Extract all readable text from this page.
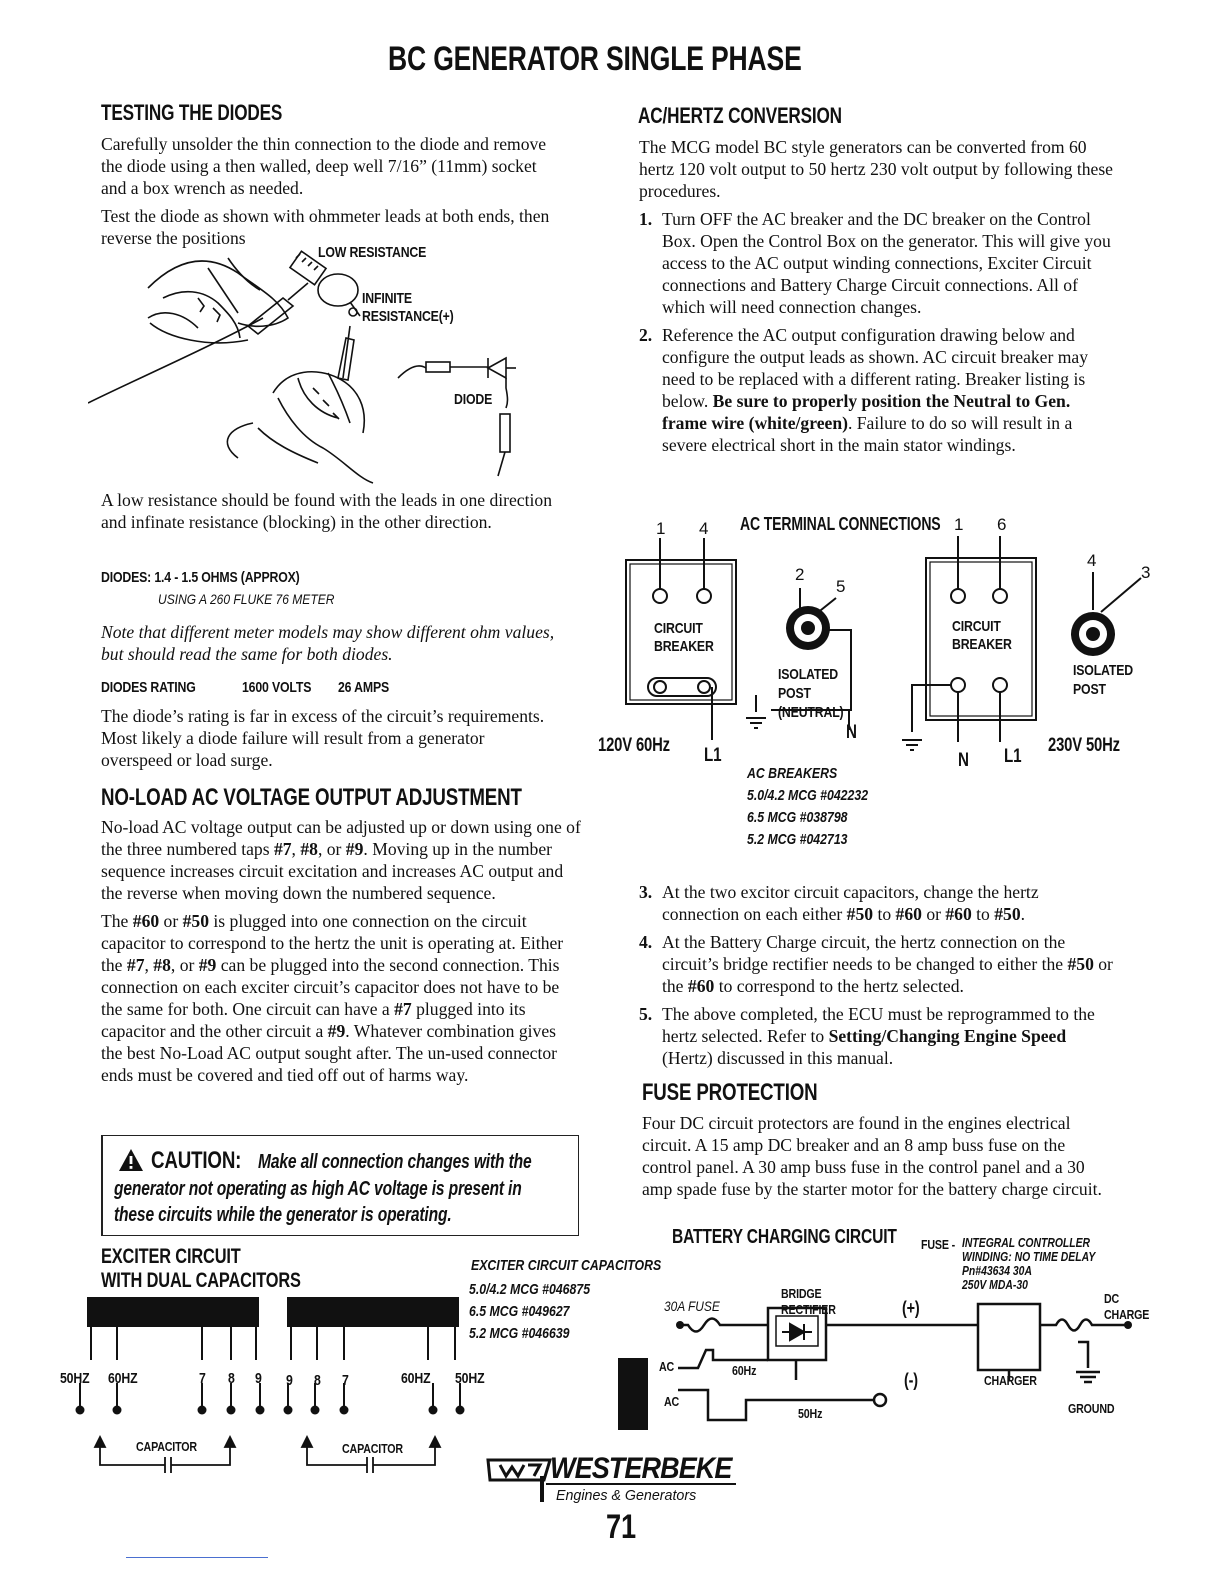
BC GENERATOR SINGLE PHASE
TESTING THE DIODES

Carefully unsolder the thin connection to the diode and remove the diode using a then walled, deep well 7/16” (11mm) socket and a box wrench as needed.

Test the diode as shown with ohmmeter leads at both ends, then reverse the positions

LOW RESISTANCE
INFINITE
RESISTANCE(+)
DIODE

A low resistance should be found with the leads in one direction and infinate resistance (blocking) in the other direction.

DIODES: 1.4 - 1.5 OHMS (APPROX)
USING A 260 FLUKE 76 METER

Note that different meter models may show different ohm values, but should read the same for both diodes.

DIODES RATING	1600 VOLTS	26 AMPS

The diode’s rating is far in excess of the circuit’s requirements. Most likely a diode failure will result from a generator overspeed or load surge.

NO-LOAD AC VOLTAGE OUTPUT ADJUSTMENT

No-load AC voltage output can be adjusted up or down using one of the three numbered taps #7, #8, or #9. Moving up in the number sequence increases circuit excitation and increases AC output and the reverse when moving down the numbered sequence.

The #60 or #50 is plugged into one connection on the circuit capacitor to correspond to the hertz the unit is operating at. Either the #7, #8, or #9 can be plugged into the second connection. This connection on each exciter circuit’s capacitor does not have to be the same for both. One circuit can have a #7 plugged into its capacitor and the other circuit a #9. Whatever combination gives the best No-Load AC output sought after. The un-used connector ends must be covered and tied off out of harms way.

CAUTION: Make all connection changes with the
generator not operating as high AC voltage is present in
these circuits while the generator is operating.
EXCITER CIRCUIT
WITH DUAL CAPACITORS
EXCITER CIRCUIT CAPACITORS
5.0/4.2 MCG #046875
6.5 MCG #049627
5.2 MCG #046639
50HZ	60HZ	7 8 9 9 8 7	60HZ	50HZ
CAPACITOR	CAPACITOR
AC/HERTZ CONVERSION

The MCG model BC style generators can be converted from 60 hertz 120 volt output to 50 hertz 230 volt output by following these procedures.

1. Turn OFF the AC breaker and the DC breaker on the Control Box. Open the Control Box on the generator. This will give you access to the AC output winding connections, Exciter Circuit connections and Battery Charge Circuit connections. All of which will need connection changes.
2. Reference the AC output configuration drawing below and configure the output leads as shown. AC circuit breaker may need to be replaced with a different rating. Breaker listing is below. Be sure to properly position the Neutral to Gen. frame wire (white/green). Failure to do so will result in a severe electrical short in the main stator windings.
AC TERMINAL CONNECTIONS
1 4	1 6
2
5
4
3
CIRCUIT
BREAKER
CIRCUIT
BREAKER
ISOLATED
POST
(NEUTRAL)
ISOLATED
POST
120V 60Hz	230V 50Hz
L1
N
N L1
AC BREAKERS
5.0/4.2 MCG #042232
6.5 MCG #038798
5.2 MCG #042713
3. At the two excitor circuit capacitors, change the hertz connection on each either #50 to #60 or #60 to #50.
4. At the Battery Charge circuit, the hertz connection on the circuit’s bridge rectifier needs to be changed to either the #50 or the #60 to correspond to the hertz selected.
5. The above completed, the ECU must be reprogrammed to the hertz selected. Refer to Setting/Changing Engine Speed (Hertz) discussed in this manual.
FUSE PROTECTION

Four DC circuit protectors are found in the engines electrical circuit. A 15 amp DC breaker and an 8 amp buss fuse on the control panel. A 30 amp buss fuse in the control panel and a 30 amp spade fuse by the starter motor for the battery charge circuit.

BATTERY CHARGING CIRCUIT	FUSE - INTEGRAL CONTROLLER
WINDING: NO TIME DELAY
Pn#43634 30A
250V MDA-30
30A FUSE
BRIDGE
RECTIFIER	(+)
(-)
DC
CHARGE
AC
AC
60Hz
50Hz
CHARGER
GROUND
WESTERBEKE
Engines & Generators
71
